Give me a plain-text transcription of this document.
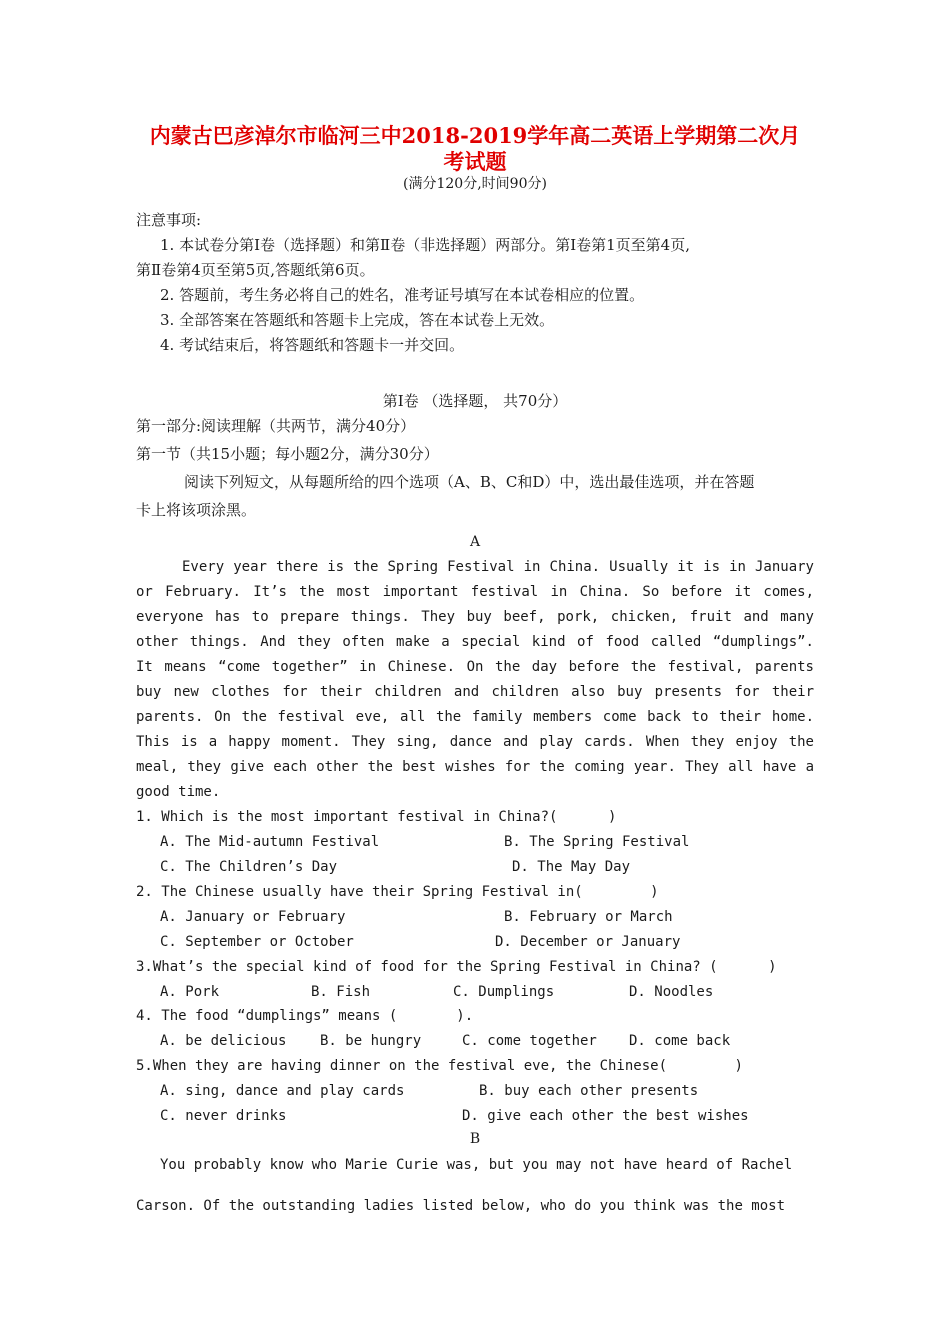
内蒙古巴彦淖尔市临河三中2018-2019学年高二英语上学期第二次月
考试题
(满分120分,时间90分)
注意事项:
1. 本试卷分第Ⅰ卷（选择题）和第Ⅱ卷（非选择题）两部分。第Ⅰ卷第1页至第4页,
第Ⅱ卷第4页至第5页,答题纸第6页。
2. 答题前，考生务必将自己的姓名，准考证号填写在本试卷相应的位置。
3. 全部答案在答题纸和答题卡上完成，答在本试卷上无效。
4. 考试结束后，将答题纸和答题卡一并交回。
第Ⅰ卷 （选择题， 共70分）
第一部分:阅读理解（共两节，满分40分）
第一节（共15小题；每小题2分，满分30分）
阅读下列短文，从每题所给的四个选项（A、B、C和D）中，选出最佳选项，并在答题
卡上将该项涂黑。
A
Every year there is the Spring Festival in China. Usually it is in January
or February. It’s the most important festival in China. So before it comes,
everyone has to prepare things. They buy beef, pork, chicken, fruit and many
other things. And they often make a special kind of food called “dumplings”.
It means “come together” in Chinese. On the day before the festival, parents
buy new clothes for their children and children also buy presents for their
parents. On the festival eve, all the family members come back to their home.
This is a happy moment. They sing, dance and play cards. When they enjoy the
meal, they give each other the best wishes for the coming year. They all have a
good time.
1. Which is the most important festival in China?(      )
A. The Mid-autumn Festival	B. The Spring Festival
C. The Children’s Day	D. The May Day
2. The Chinese usually have their Spring Festival in(        )
A. January or February	B. February or March
C. September or October	D. December or January
3.What’s the special kind of food for the Spring Festival in China? (      )
A. Pork	B. Fish	C. Dumplings	D. Noodles
4. The food “dumplings” means (       ).
A. be delicious B. be hungry	C. come together D. come back
5.When they are having dinner on the festival eve, the Chinese(        )
A. sing, dance and play cards	B. buy each other presents
C. never drinks	D. give each other the best wishes
B
You probably know who Marie Curie was, but you may not have heard of Rachel
Carson. Of the outstanding ladies listed below, who do you think was the most
